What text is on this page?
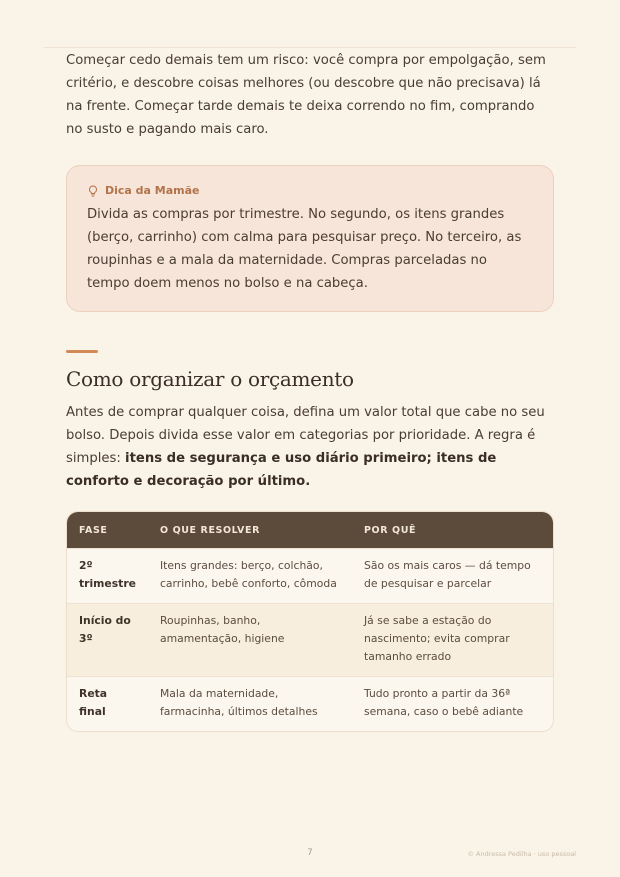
Começar cedo demais tem um risco: você compra por empolgação, sem critério, e descobre coisas melhores (ou descobre que não precisava) lá na frente. Começar tarde demais te deixa correndo no fim, comprando no susto e pagando mais caro.

Dica da Mamãe

Divida as compras por trimestre. No segundo, os itens grandes (berço, carrinho) com calma para pesquisar preço. No terceiro, as roupinhas e a mala da maternidade. Compras parceladas no tempo doem menos no bolso e na cabeça.

Como organizar o orçamento

Antes de comprar qualquer coisa, defina um valor total que cabe no seu bolso. Depois divida esse valor em categorias por prioridade. A regra é simples: itens de segurança e uso diário primeiro; itens de conforto e decoração por último.

FASE	O QUE RESOLVER	POR QUÊ
2º trimestre	Itens grandes: berço, colchão, carrinho, bebê conforto, cômoda	São os mais caros — dá tempo de pesquisar e parcelar
Início do 3º	Roupinhas, banho, amamentação, higiene	Já se sabe a estação do nascimento; evita comprar tamanho errado
Reta final	Mala da maternidade, farmacinha, últimos detalhes	Tudo pronto a partir da 36ª semana, caso o bebê adiante
7	© Andressa Pedilha · uso pessoal
